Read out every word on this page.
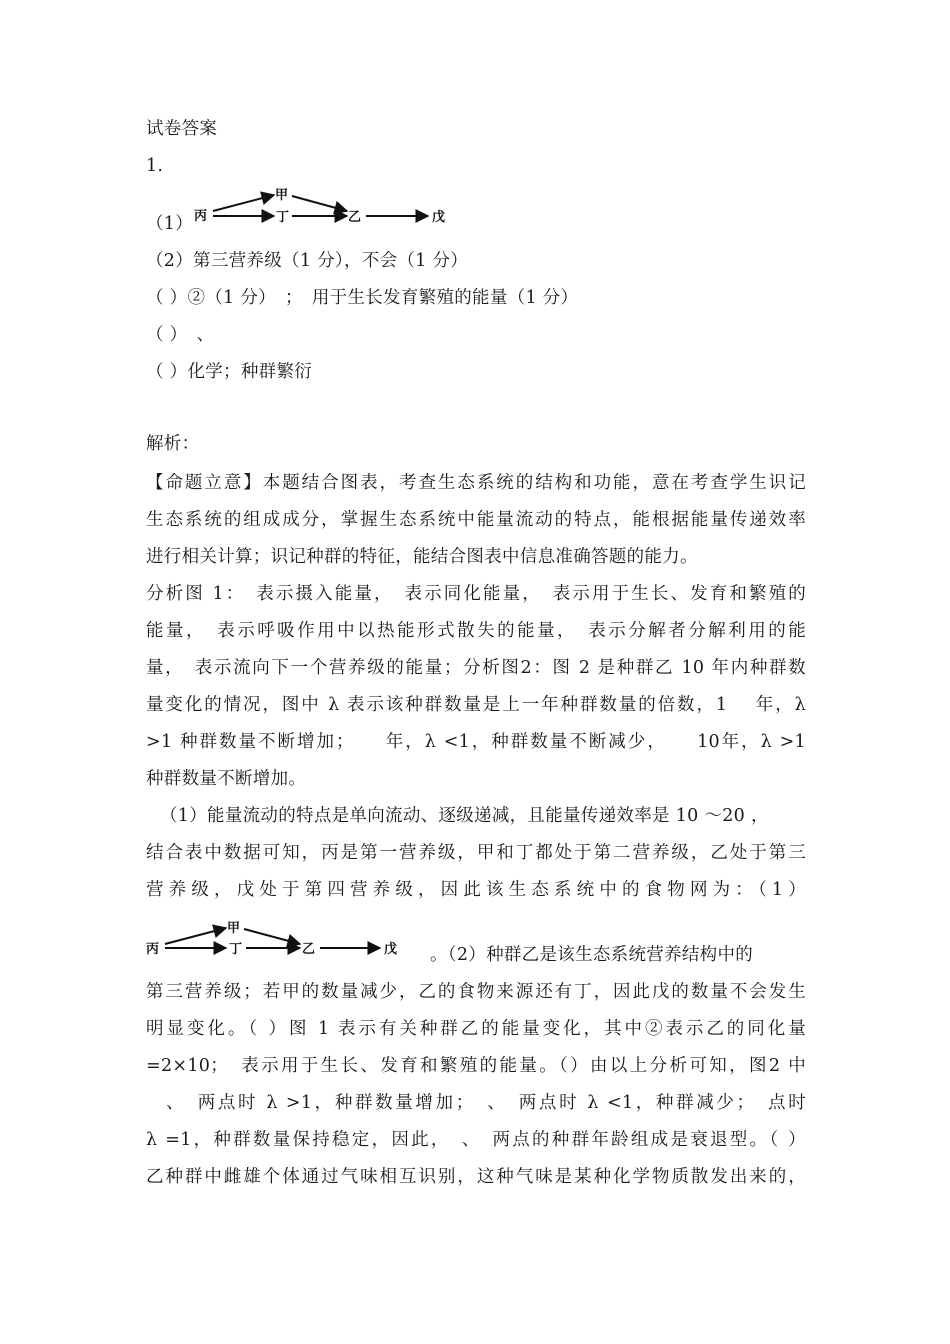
试卷答案
1.
（1） 丙
甲
丁	乙	戊
（2）第三营养级（1 分），不会（1 分）
（ ）②（1 分）　；　用于生长发育繁殖的能量（1 分）
（ ）　、
（ ）化学；种群繁衍
解析：
【命题立意】本题结合图表，考查生态系统的结构和功能，意在考查学生识记
生态系统的组成成分，掌握生态系统中能量流动的特点，能根据能量传递效率
进行相关计算；识记种群的特征，能结合图表中信息准确答题的能力。
分析图 1：　表示摄入能量，　表示同化能量，　表示用于生长、发育和繁殖的
能量，　表示呼吸作用中以热能形式散失的能量，　表示分解者分解利用的能
量，　表示流向下一个营养级的能量；分析图2：图 2 是种群乙 10 年内种群数
量变化的情况，图中 λ 表示该种群数量是上一年种群数量的倍数，1　 年，λ
>1 种群数量不断增加；　　年，λ <1，种群数量不断减少，　　10年，λ >1
种群数量不断增加。
（1）能量流动的特点是单向流动、逐级递减，且能量传递效率是 10 ～20 ，
结合表中数据可知，丙是第一营养级，甲和丁都处于第二营养级，乙处于第三
营养级，戊处于第四营养级，因此该生态系统中的食物网为：（1）
丙
甲
丁	乙	戊 。（2）种群乙是该生态系统营养结构中的
第三营养级；若甲的数量减少，乙的食物来源还有丁，因此戊的数量不会发生
明显变化。（ ）图 1 表示有关种群乙的能量变化，其中②表示乙的同化量
=2×10；　表示用于生长、发育和繁殖的能量。（）由以上分析可知，图2 中
　、　两点时 λ >1，种群数量增加；　、　两点时 λ <1，种群减少；　点时
λ =1，种群数量保持稳定，因此，　、　两点的种群年龄组成是衰退型。（ ）
乙种群中雌雄个体通过气味相互识别，这种气味是某种化学物质散发出来的，
